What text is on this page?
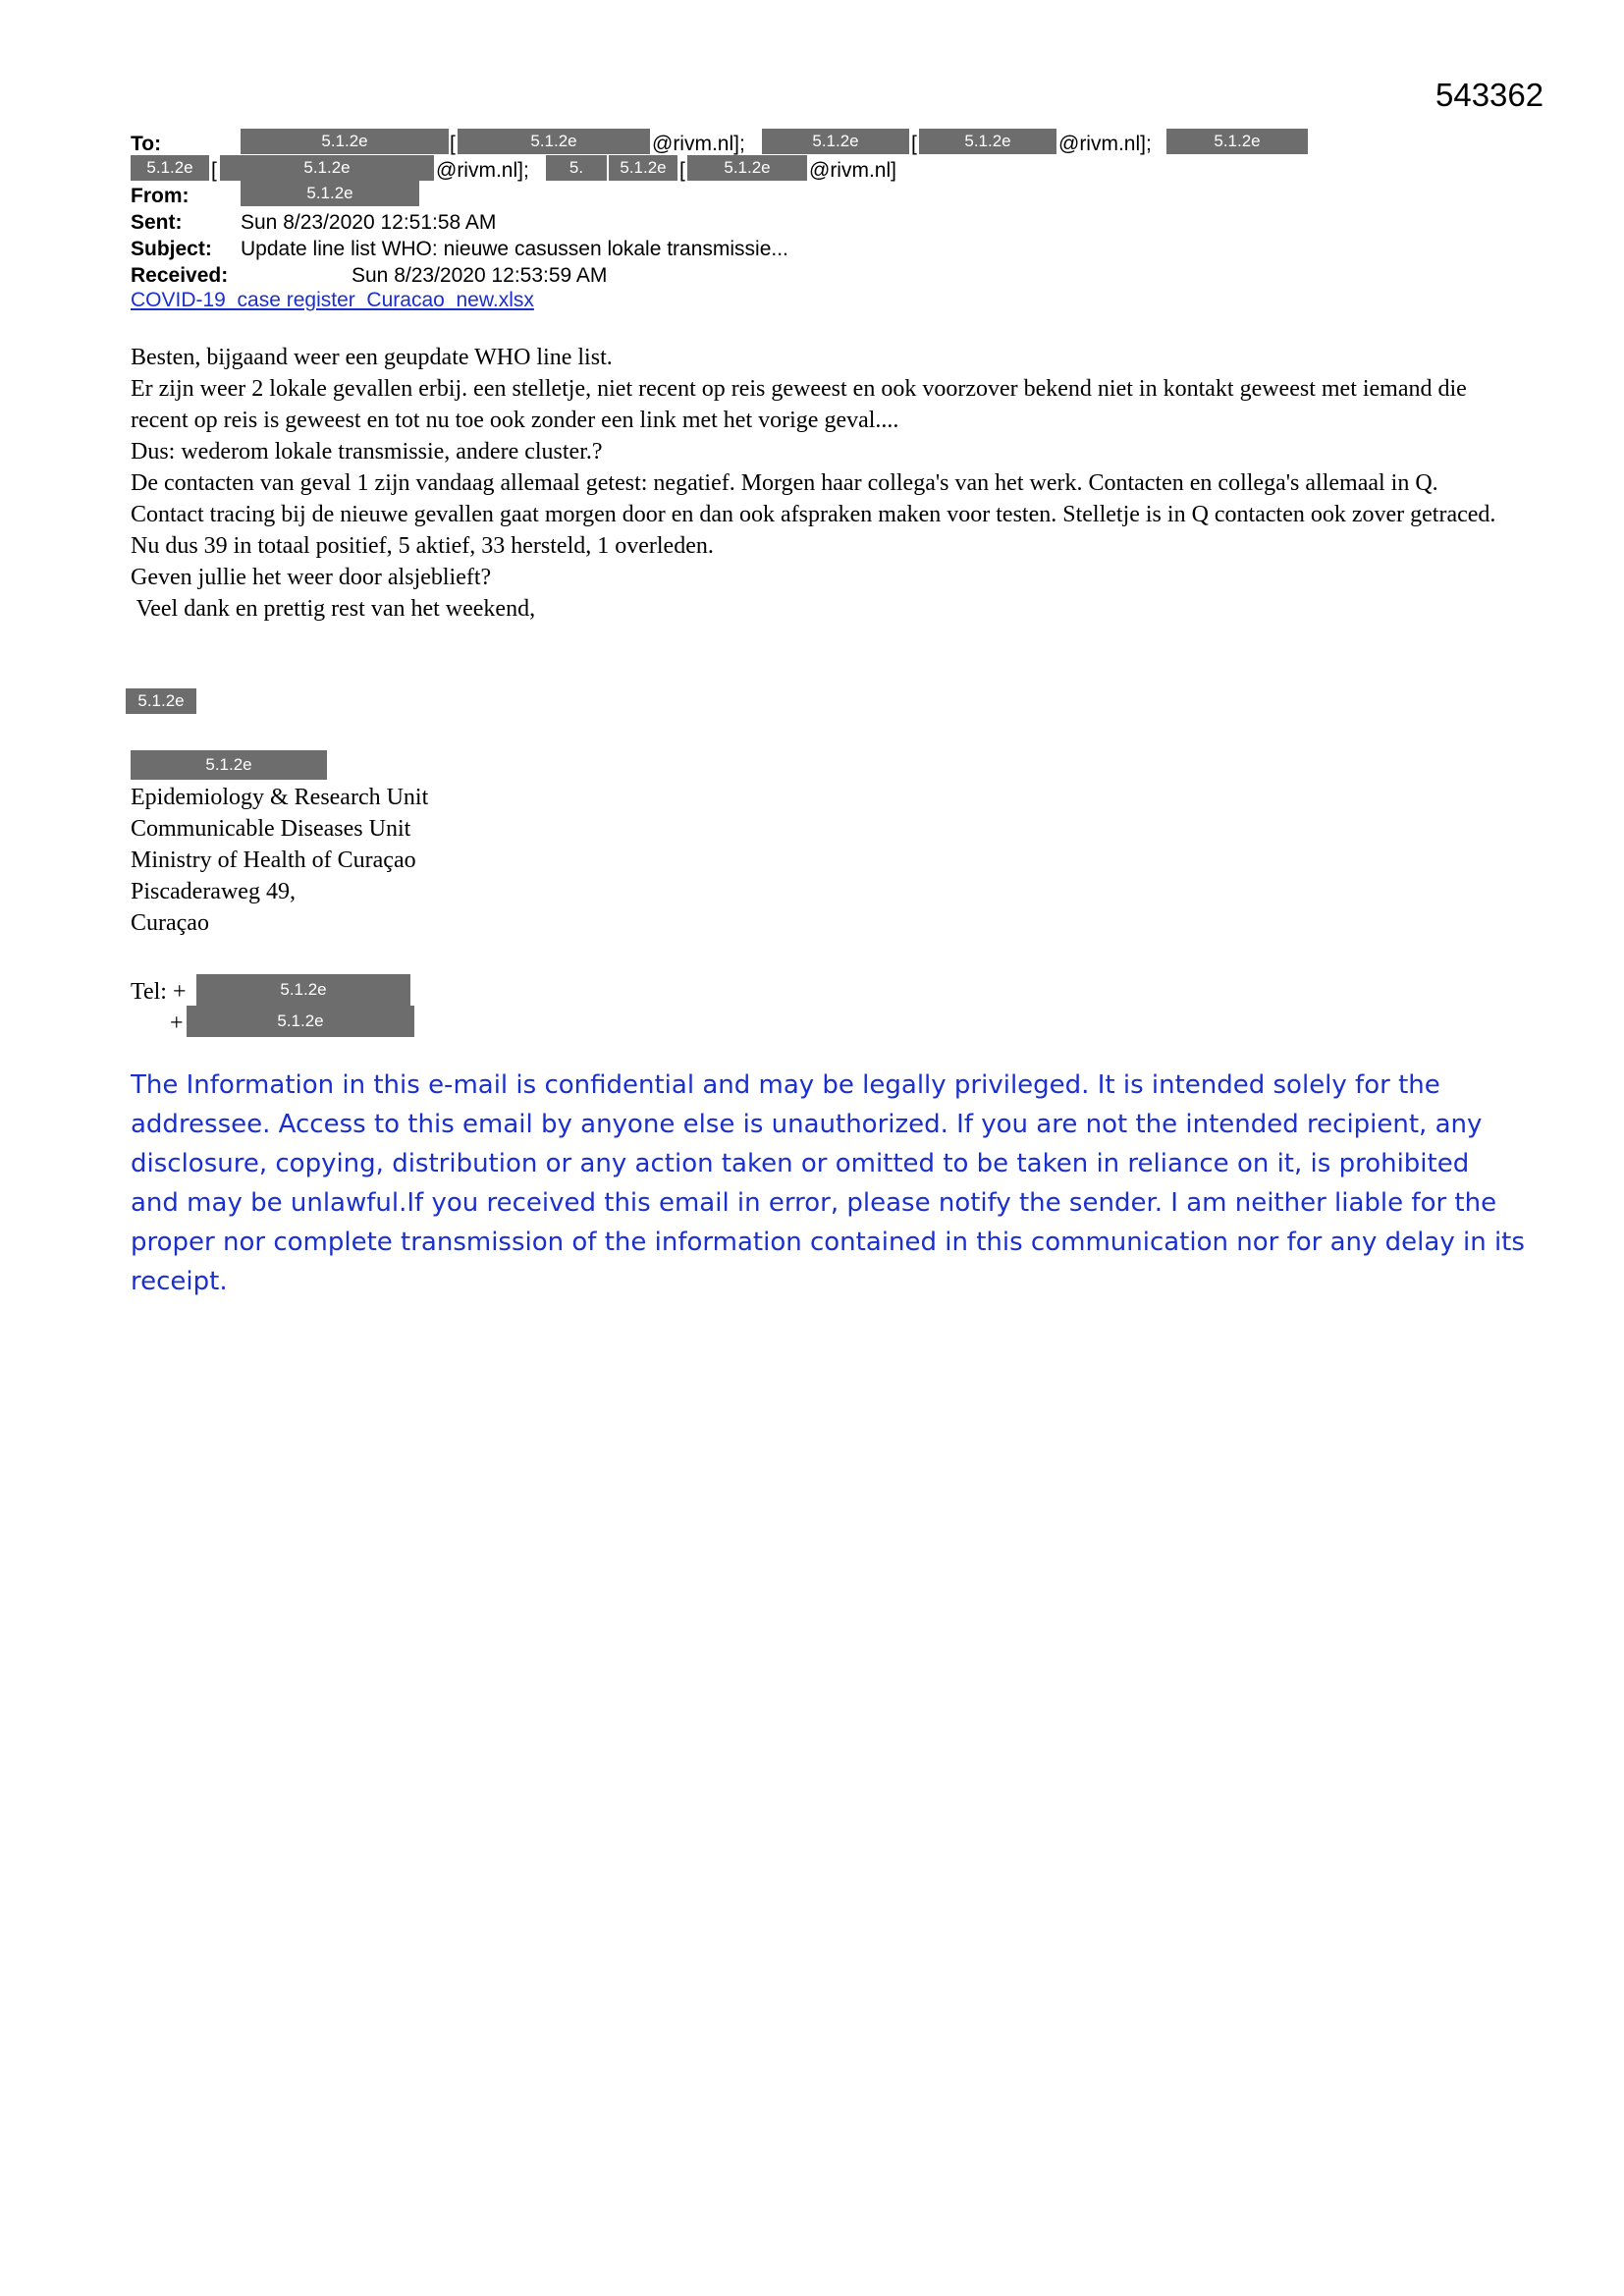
543362
To:	5.1.2e	[	5.1.2e	@rivm.nl];	5.1.2e	[	5.1.2e	@rivm.nl];	5.1.2e
5.1.2e [	5.1.2e	@rivm.nl];	5.	5.1.2e [	5.1.2e	@rivm.nl]
From:	5.1.2e
Sent:	Sun 8/23/2020 12:51:58 AM
Subject: Update line list WHO: nieuwe casussen lokale transmissie...
Received:	Sun 8/23/2020 12:53:59 AM
COVID-19_case register_Curacao_new.xlsx

Besten, bijgaand weer een geupdate WHO line list.

Er zijn weer 2 lokale gevallen erbij. een stelletje, niet recent op reis geweest en ook voorzover bekend niet in kontakt geweest met iemand die recent op reis is geweest en tot nu toe ook zonder een link met het vorige geval....

Dus: wederom lokale transmissie, andere cluster.?

De contacten van geval 1 zijn vandaag allemaal getest: negatief. Morgen haar collega's van het werk. Contacten en collega's allemaal in Q.

Contact tracing bij de nieuwe gevallen gaat morgen door en dan ook afspraken maken voor testen. Stelletje is in Q contacten ook zover getraced.

Nu dus 39 in totaal positief, 5 aktief, 33 hersteld, 1 overleden.

Geven jullie het weer door alsjeblieft?

Veel dank en prettig rest van het weekend,

5.1.2e
5.1.2e

Epidemiology & Research Unit

Communicable Diseases Unit

Ministry of Health of Curaçao

Piscaderaweg 49,

Curaçao

Tel: +	5.1.2e
+	5.1.2e
The Information in this e-mail is confidential and may be legally privileged. It is intended solely for the addressee. Access to this email by anyone else is unauthorized. If you are not the intended recipient, any disclosure, copying, distribution or any action taken or omitted to be taken in reliance on it, is prohibited and may be unlawful.If you received this email in error, please notify the sender. I am neither liable for the proper nor complete transmission of the information contained in this communication nor for any delay in its receipt.
